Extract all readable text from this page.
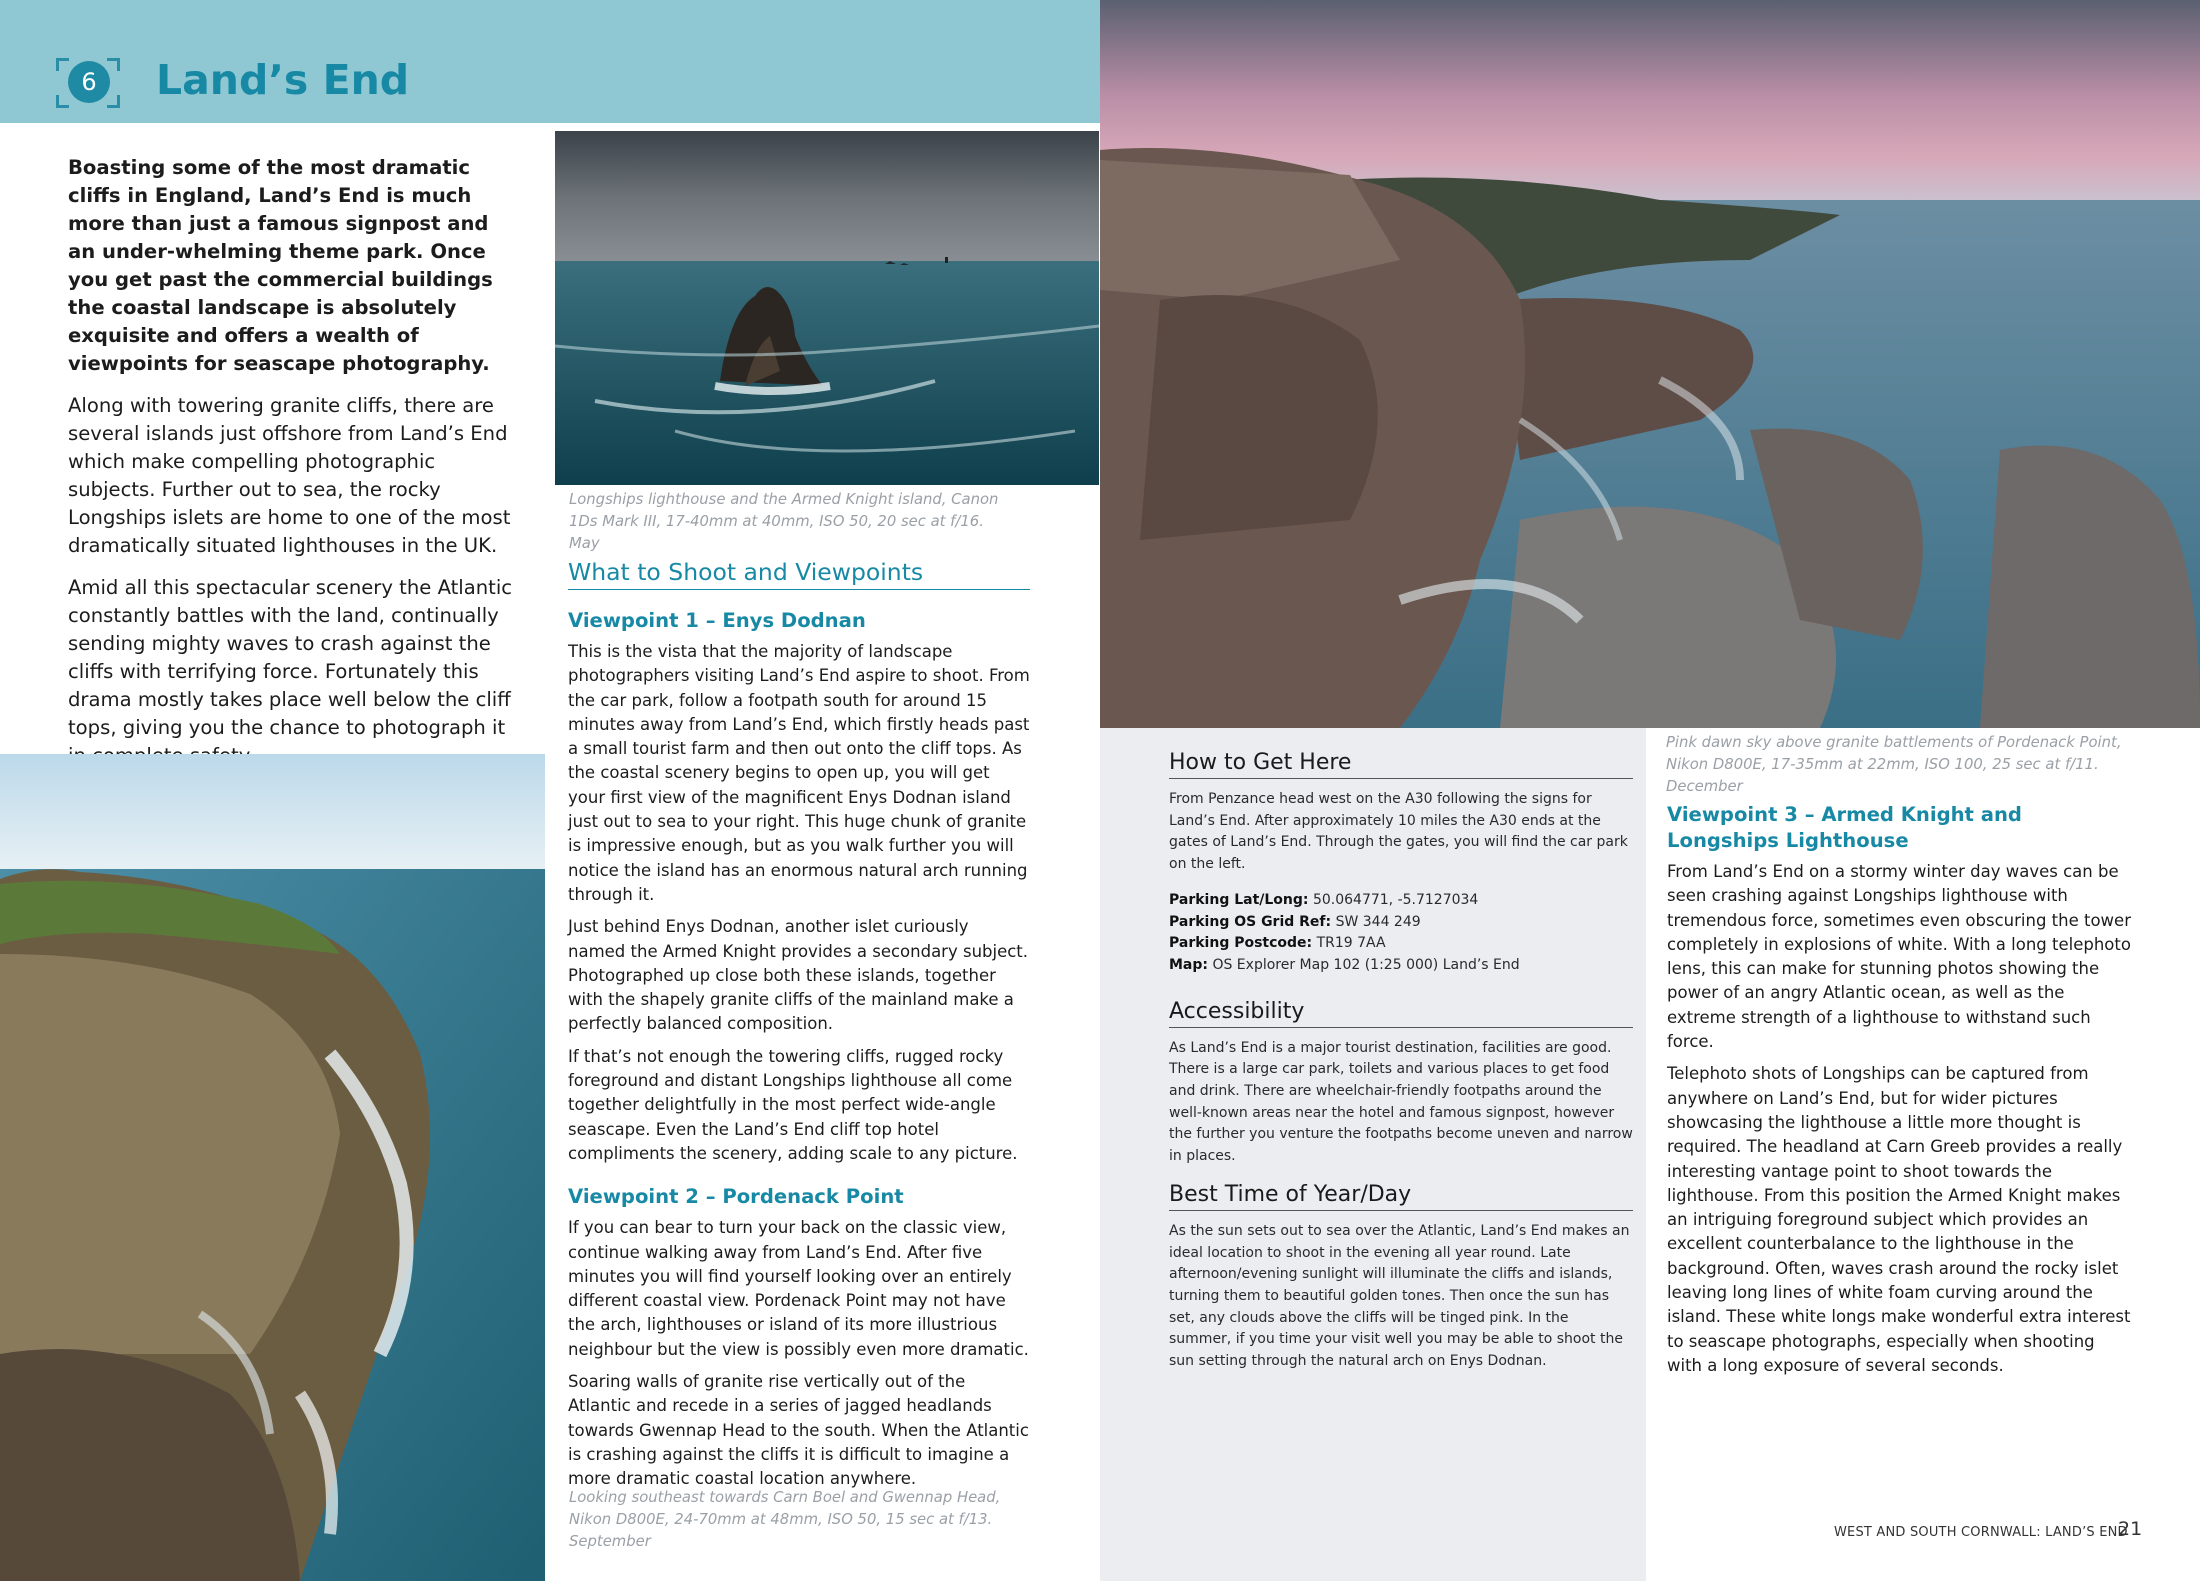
6	Land’s End

Boasting some of the most dramatic cliffs in England, Land’s End is much more than just a famous signpost and an under-whelming theme park. Once you get past the commercial buildings the coastal landscape is absolutely exquisite and offers a wealth of viewpoints for seascape photography.

Along with towering granite cliffs, there are several islands just offshore from Land’s End which make compelling photographic subjects. Further out to sea, the rocky Longships islets are home to one of the most dramatically situated lighthouses in the UK.

Amid all this spectacular scenery the Atlantic constantly battles with the land, continually sending mighty waves to crash against the cliffs with terrifying force. Fortunately this drama mostly takes place well below the cliff tops, giving you the chance to photograph it

Longships lighthouse and the Armed Knight island, Canon 1Ds Mark III, 17-40mm at 40mm, ISO 50, 20 sec at f/16. May
What to Shoot and Viewpoints
Viewpoint 1 – Enys Dodnan

This is the vista that the majority of landscape photographers visiting Land’s End aspire to shoot. From the car park, follow a footpath south for around 15 minutes away from Land’s End, which firstly heads past a small tourist farm and then out onto the cliff tops. As the coastal scenery begins to open up, you will get your first view of the magnificent Enys Dodnan island just out to sea to your right. This huge chunk of granite is impressive enough, but as you walk further you will notice the island has an enormous natural arch running through it.

Just behind Enys Dodnan, another islet curiously named the Armed Knight provides a secondary subject. Photographed up close both these islands, together with the shapely granite cliffs of the mainland make a perfectly balanced composition.

If that’s not enough the towering cliffs, rugged rocky foreground and distant Longships lighthouse all come together delightfully in the most perfect wide-angle seascape. Even the Land’s End cliff top hotel compliments the scenery, adding scale to any picture.

Viewpoint 2 – Pordenack Point

If you can bear to turn your back on the classic view, continue walking away from Land’s End. After five minutes you will find yourself looking over an entirely different coastal view. Pordenack Point may not have the arch, lighthouses or island of its more illustrious neighbour but the view is possibly even more dramatic.

Soaring walls of granite rise vertically out of the Atlantic and recede in a series of jagged headlands towards Gwennap Head to the south. When the Atlantic is crashing against the cliffs it is difficult to imagine a more dramatic coastal location anywhere.

Looking southeast towards Carn Boel and Gwennap Head, Nikon D800E, 24-70mm at 48mm, ISO 50, 15 sec at f/13. September
How to Get Here

From Penzance head west on the A30 following the signs for Land’s End. After approximately 10 miles the A30 ends at the gates of Land’s End. Through the gates, you will find the car park on the left.

Parking Lat/Long: 50.064771, -5.7127034
Parking OS Grid Ref: SW 344 249
Parking Postcode: TR19 7AA
Map: OS Explorer Map 102 (1:25 000) Land’s End
Accessibility

As Land’s End is a major tourist destination, facilities are good. There is a large car park, toilets and various places to get food and drink. There are wheelchair-friendly footpaths around the well-known areas near the hotel and famous signpost, however the further you venture the footpaths become uneven and narrow in places.

Best Time of Year/Day

As the sun sets out to sea over the Atlantic, Land’s End makes an ideal location to shoot in the evening all year round. Late afternoon/evening sunlight will illuminate the cliffs and islands, turning them to beautiful golden tones. Then once the sun has set, any clouds above the cliffs will be tinged pink. In the summer, if you time your visit well you may be able to shoot the sun setting through the natural arch on Enys Dodnan.

Pink dawn sky above granite battlements of Pordenack Point, Nikon D800E, 17-35mm at 22mm, ISO 100, 25 sec at f/11. December
Viewpoint 3 – Armed Knight and Longships Lighthouse

From Land’s End on a stormy winter day waves can be seen crashing against Longships lighthouse with tremendous force, sometimes even obscuring the tower completely in explosions of white. With a long telephoto lens, this can make for stunning photos showing the power of an angry Atlantic ocean, as well as the extreme strength of a lighthouse to withstand such force.

Telephoto shots of Longships can be captured from anywhere on Land’s End, but for wider pictures showcasing the lighthouse a little more thought is required. The headland at Carn Greeb provides a really interesting vantage point to shoot towards the lighthouse. From this position the Armed Knight makes an intriguing foreground subject which provides an excellent counterbalance to the lighthouse in the background. Often, waves crash around the rocky islet leaving long lines of white foam curving around the island. These white longs make wonderful extra interest to seascape photographs, especially when shooting with a long exposure of several seconds.

WEST AND SOUTH CORNWALL: LAND’S END
21
